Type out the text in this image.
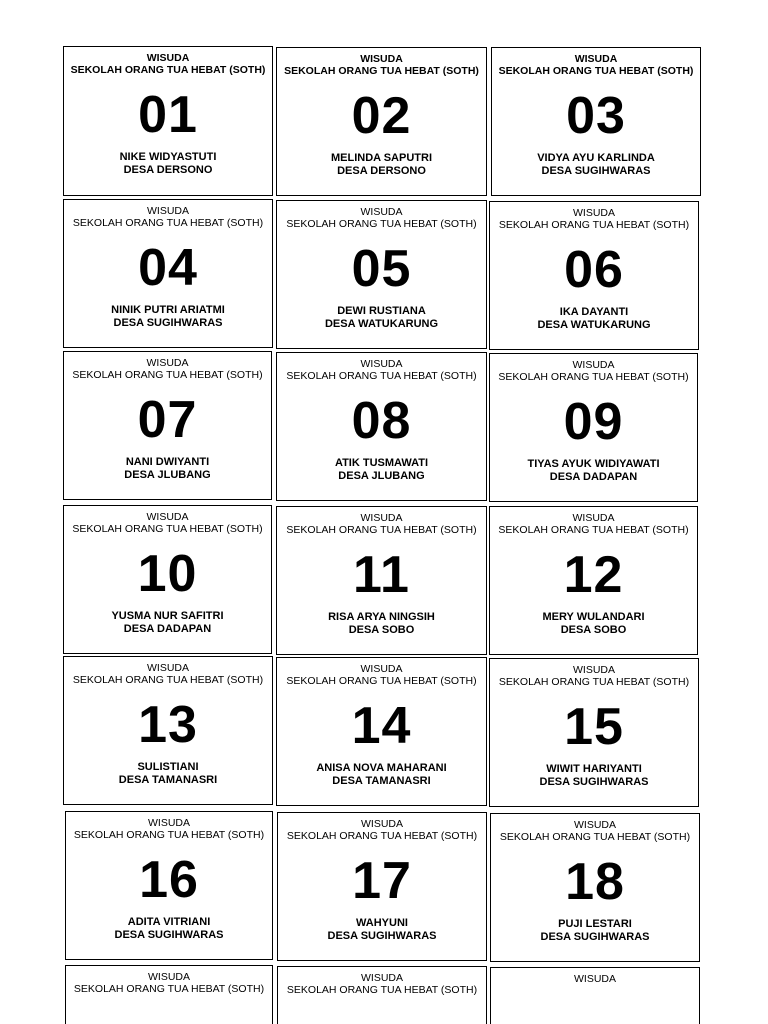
WISUDA
SEKOLAH ORANG TUA HEBAT (SOTH)
01
NIKE WIDYASTUTI
DESA DERSONO
WISUDA
SEKOLAH ORANG TUA HEBAT (SOTH)
02
MELINDA SAPUTRI
DESA DERSONO
WISUDA
SEKOLAH ORANG TUA HEBAT (SOTH)
03
VIDYA AYU KARLINDA
DESA SUGIHWARAS
WISUDA
SEKOLAH ORANG TUA HEBAT (SOTH)
04
NINIK PUTRI ARIATMI
DESA SUGIHWARAS
WISUDA
SEKOLAH ORANG TUA HEBAT (SOTH)
05
DEWI RUSTIANA
DESA WATUKARUNG
WISUDA
SEKOLAH ORANG TUA HEBAT (SOTH)
06
IKA DAYANTI
DESA WATUKARUNG
WISUDA
SEKOLAH ORANG TUA HEBAT (SOTH)
07
NANI DWIYANTI
DESA JLUBANG
WISUDA
SEKOLAH ORANG TUA HEBAT (SOTH)
08
ATIK TUSMAWATI
DESA JLUBANG
WISUDA
SEKOLAH ORANG TUA HEBAT (SOTH)
09
TIYAS AYUK WIDIYAWATI
DESA DADAPAN
WISUDA
SEKOLAH ORANG TUA HEBAT (SOTH)
10
YUSMA NUR SAFITRI
DESA DADAPAN
WISUDA
SEKOLAH ORANG TUA HEBAT (SOTH)
11
RISA ARYA NINGSIH
DESA SOBO
WISUDA
SEKOLAH ORANG TUA HEBAT (SOTH)
12
MERY WULANDARI
DESA SOBO
WISUDA
SEKOLAH ORANG TUA HEBAT (SOTH)
13
SULISTIANI
DESA TAMANASRI
WISUDA
SEKOLAH ORANG TUA HEBAT (SOTH)
14
ANISA NOVA MAHARANI
DESA TAMANASRI
WISUDA
SEKOLAH ORANG TUA HEBAT (SOTH)
15
WIWIT HARIYANTI
DESA SUGIHWARAS
WISUDA
SEKOLAH ORANG TUA HEBAT (SOTH)
16
ADITA VITRIANI
DESA SUGIHWARAS
WISUDA
SEKOLAH ORANG TUA HEBAT (SOTH)
17
WAHYUNI
DESA SUGIHWARAS
WISUDA
SEKOLAH ORANG TUA HEBAT (SOTH)
18
PUJI LESTARI
DESA SUGIHWARAS
WISUDA
SEKOLAH ORANG TUA HEBAT (SOTH)
WISUDA
SEKOLAH ORANG TUA HEBAT (SOTH)
WISUDA
